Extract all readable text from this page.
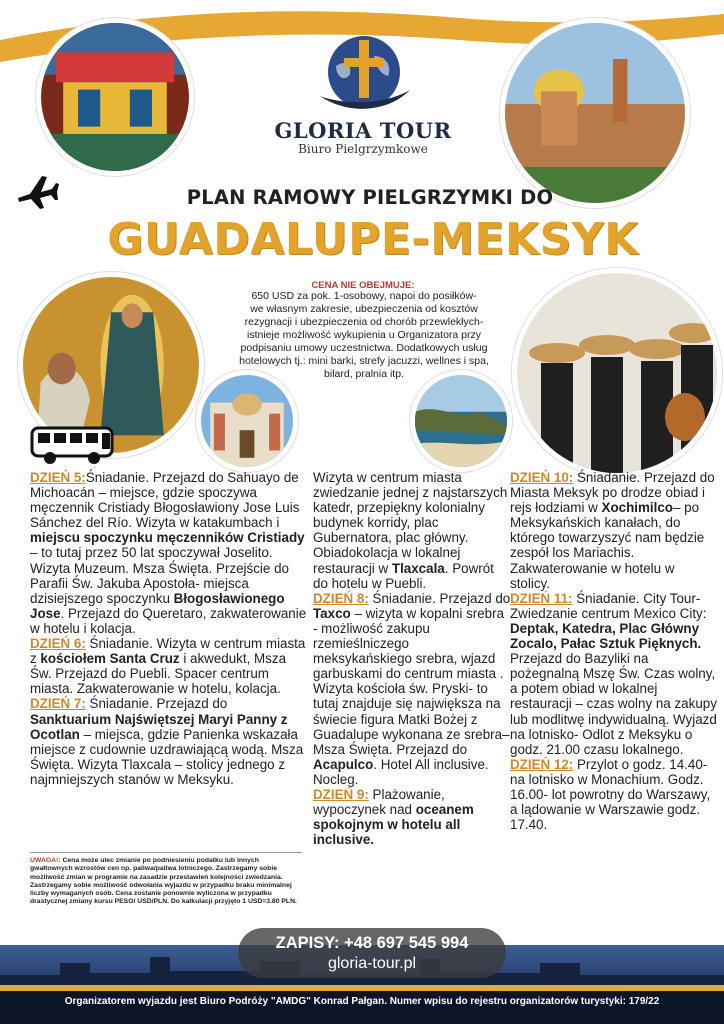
GLORIA TOUR
Biuro Pielgrzymkowe
PLAN RAMOWY PIELGRZYMKI DO
GUADALUPE-MEKSYK
CENA NIE OBEJMUJE:
650 USD za pok. 1-osobowy, napoi do posiłków-
we własnym zakresie, ubezpieczenia od kosztów
rezygnacji i ubezpieczenia od chorób przewlekłych-
istnieje możliwość wykupienia u Organizatora przy
podpisaniu umowy uczestnictwa. Dodatkowych usług
hotelowych tj.: mini barki, strefy jacuzzi, wellnes i spa,
bilard, pralnia itp.

DZIEŃ 5:Śniadanie. Przejazd do Sahuayo de Michoacán – miejsce, gdzie spoczywa męczennik Cristiady Błogosławiony Jose Luis Sánchez del Río. Wizyta w katakumbach i miejscu spoczynku męczenników Cristiady – to tutaj przez 50 lat spoczywał Joselito. Wizyta Muzeum. Msza Święta. Przejście do Parafii Św. Jakuba Apostoła- miejsca dzisiejszego spoczynku Błogosławionego Jose. Przejazd do Queretaro, zakwaterowanie w hotelu i kolacja.

DZIEŃ 6: Śniadanie. Wizyta w centrum miasta z kościołem Santa Cruz i akwedukt, Msza Św. Przejazd do Puebli. Spacer centrum miasta. Zakwaterowanie w hotelu, kolacja.

DZIEŃ 7: Śniadanie. Przejazd do Sanktuarium Najświętszej Maryi Panny z Ocotlan – miejsca, gdzie Panienka wskazała miejsce z cudownie uzdrawiającą wodą. Msza Święta. Wizyta Tlaxcala – stolicy jednego z najmniejszych stanów w Meksyku.

Wizyta w centrum miasta zwiedzanie jednej z najstarszych katedr, przepiękny kolonialny budynek korridy, plac Gubernatora, plac główny. Obiadokolacja w lokalnej restauracji w Tlaxcala. Powrót do hotelu w Puebli.

DZIEŃ 8: Śniadanie. Przejazd do Taxco – wizyta w kopalni srebra - możliwość zakupu rzemieślniczego meksykańskiego srebra, wjazd garbuskami do centrum miasta . Wizyta kościoła św. Pryski- to tutaj znajduje się największa na świecie figura Matki Bożej z Guadalupe wykonana ze srebra– Msza Święta. Przejazd do Acapulco. Hotel All inclusive. Nocleg.

DZIEŃ 9: Plażowanie, wypoczynek nad oceanem spokojnym w hotelu all inclusive.

DZIEŃ 10: Śniadanie. Przejazd do Miasta Meksyk po drodze obiad i rejs łodziami w Xochimilco– po Meksykańskich kanałach, do którego towarzyszyć nam będzie zespół los Mariachis. Zakwaterowanie w hotelu w stolicy.

DZIEŃ 11: Śniadanie. City Tour- Zwiedzanie centrum Mexico City: Deptak, Katedra, Plac Główny Zocalo, Pałac Sztuk Pięknych. Przejazd do Bazyliki na pożegnalną Mszę Św. Czas wolny, a potem obiad w lokalnej restauracji – czas wolny na zakupy lub modlitwę indywidualną. Wyjazd na lotnisko- Odlot z Meksyku o godz. 21.00 czasu lokalnego.

DZIEŃ 12: Przylot o godz. 14.40- na lotnisko w Monachium. Godz. 16.00- lot powrotny do Warszawy, a lądowanie w Warszawie godz. 17.40.

UWAGA!: Cena może ulec zmianie po podniesieniu podatku lub innych gwałtownych wzrostów cen np. paliwa/paliwa lotniczego. Zastrzegamy sobie możliwość zmian w programie na zasadzie przestawień kolejności zwiedzania. Zastrzegamy sobie możliwość odwołania wyjazdu w przypadku braku minimalnej liczby wymaganych osób. Cena zostanie ponownie wyliczona w przypadku drastycznej zmiany kursu PESO/ USD/PLN. Do kalkulacji przyjęto 1 USD=3.80 PLN.
ZAPISY: +48 697 545 994
gloria-tour.pl
Organizatorem wyjazdu jest Biuro Podróży "AMDG" Konrad Pałgan. Numer wpisu do rejestru organizatorów turystyki: 179/22
